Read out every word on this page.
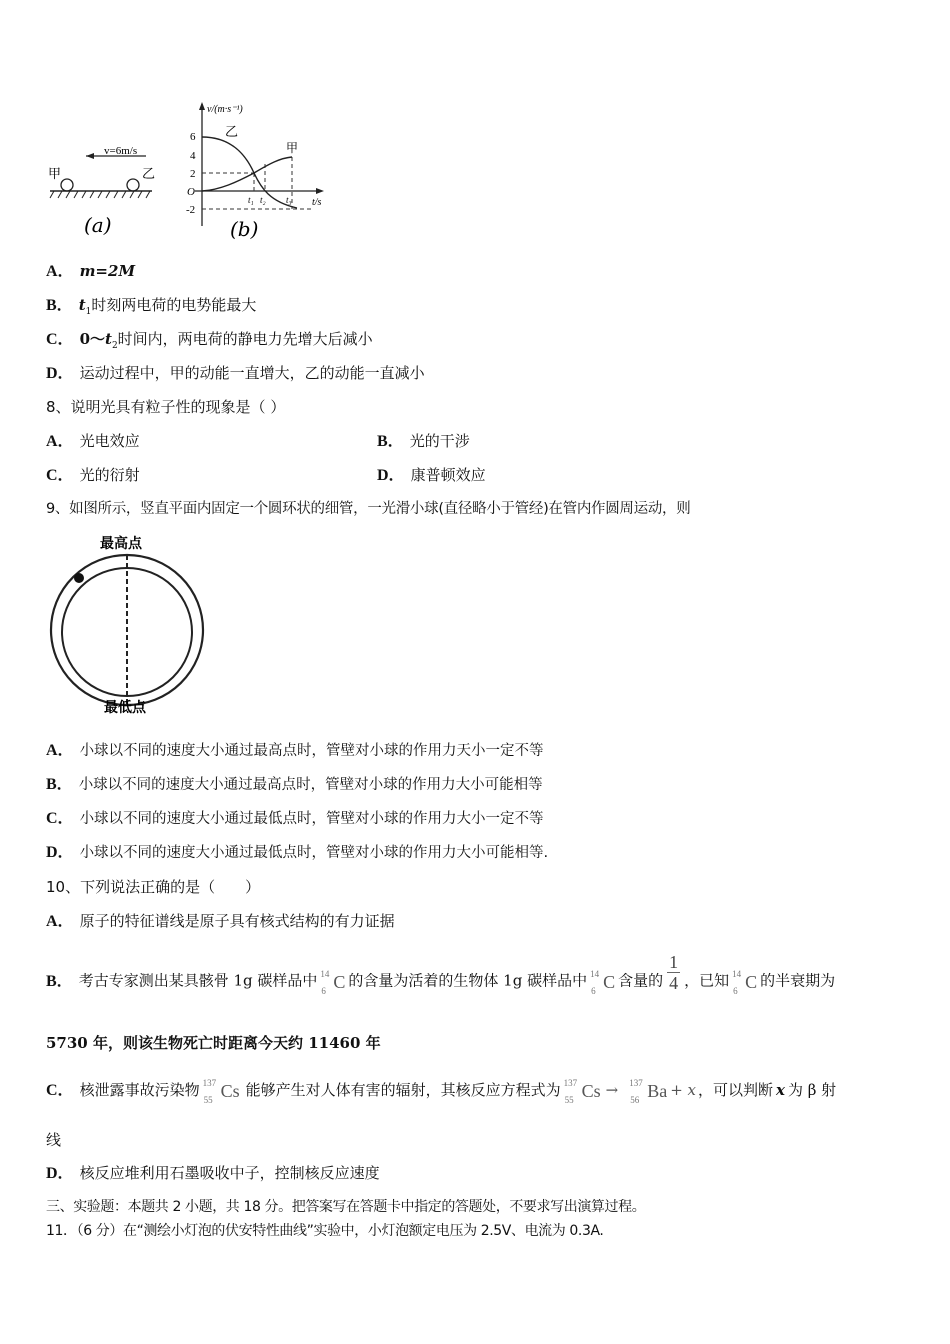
v=6m/s
甲	乙
(a)
v/(m·s⁻¹)
t/s
O
6
4
2
-2
乙
甲
t₁ t₂ t₃
(b)
A． m=2M
B． $t_1$时刻两电荷的电势能最大
C． $0\sim t_2$时间内，两电荷的静电力先增大后减小
D． 运动过程中，甲的动能一直增大，乙的动能一直减小
8、说明光具有粒子性的现象是（ ）
A． 光电效应	B． 光的干涉
C． 光的衍射	D． 康普顿效应
9、如图所示，竖直平面内固定一个圆环状的细管，一光滑小球(直径略小于管经)在管内作圆周运动，则
最高点
最低点
A． 小球以不同的速度大小通过最高点时，管壁对小球的作用力天小一定不等
B． 小球以不同的速度大小通过最高点时，管壁对小球的作用力大小可能相等
C． 小球以不同的速度大小通过最低点时，管壁对小球的作用力大小一定不等
D． 小球以不同的速度大小通过最低点时，管壁对小球的作用力大小可能相等.
10、下列说法正确的是（　　）
A． 原子的特征谱线是原子具有核式结构的有力证据
B． 考古专家测出某具骸骨 1g 碳样品中 14
6 C 的含量为活着的生物体 1g 碳样品中 14
6 C 含量的 $\frac{1}{4}$ ，已知 14
6 C 的半衰期为
5730 年，则该生物死亡时距离今天约 11460 年
C． 核泄露事故污染物 137
55 Cs 能够产生对人体有害的辐射，其核反应方程式为 137
55 Cs → 137
56 Ba + x ，可以判断 x 为 β 射
线
D． 核反应堆利用石墨吸收中子，控制核反应速度
三、实验题：本题共 2 小题，共 18 分。把答案写在答题卡中指定的答题处，不要求写出演算过程。
11．（6 分）在“测绘小灯泡的伏安特性曲线”实验中，小灯泡额定电压为 2.5V、电流为 0.3A.
